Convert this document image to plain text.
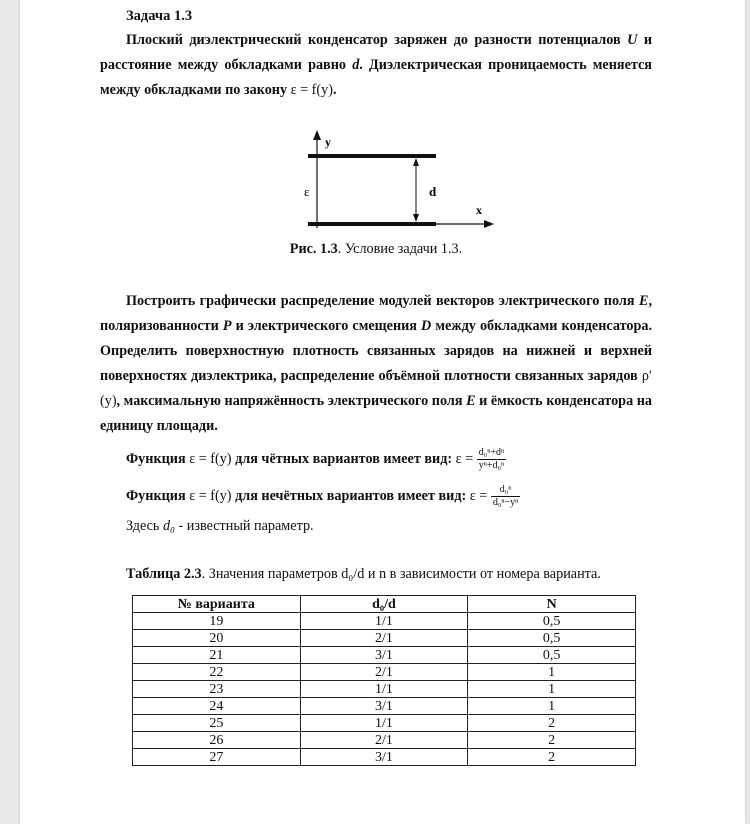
Задача 1.3
Плоский диэлектрический конденсатор заряжен до разности потенциалов U и расстояние между обкладками равно d. Диэлектрическая проницаемость меняется между обкладками по закону ε = f(y).
y
x
ε	d
Рис. 1.3. Условие задачи 1.3.
Построить графически распределение модулей векторов электрического поля E, поляризованности P и электрического смещения D между обкладками конденсатора. Определить поверхностную плотность связанных зарядов на нижней и верхней поверхностях диэлектрика, распределение объёмной плотности связанных зарядов ρ′(y), максимальную напряжённость электрического поля E и ёмкость конденсатора на единицу площади.
Функция ε = f(y) для чётных вариантов имеет вид: $\varepsilon = \frac{\text{d₀ⁿ+dⁿ}}{\text{yⁿ+d₀ⁿ}}$
Функция ε = f(y) для нечётных вариантов имеет вид: $\varepsilon = \frac{\text{d₀ⁿ}}{\text{d₀ⁿ−yⁿ}}$
Здесь d₀ - известный параметр.
Таблица 2.3. Значения параметров d₀/d и n в зависимости от номера варианта.
№ варианта	d₀/d	N
19	1/1	0,5
20	2/1	0,5
21	3/1	0,5
22	2/1	1
23	1/1	1
24	3/1	1
25	1/1	2
26	2/1	2
27	3/1	2
